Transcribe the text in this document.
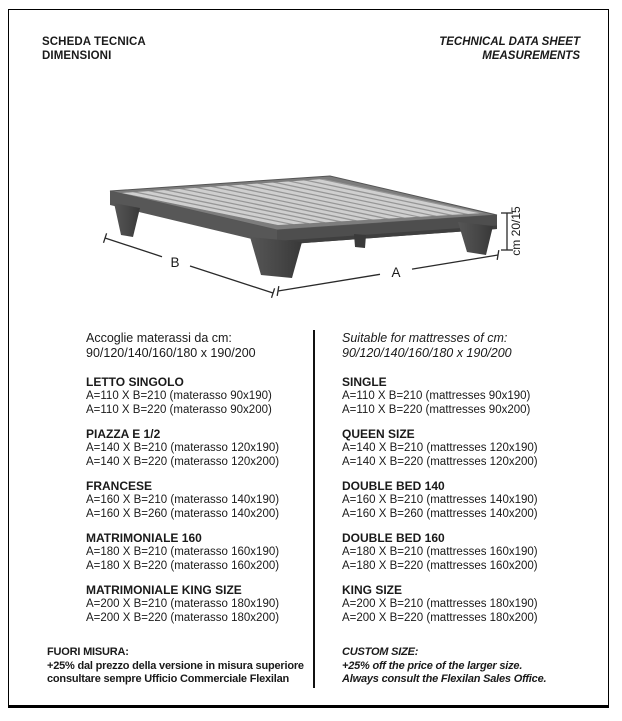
SCHEDA TECNICA
DIMENSIONI
TECHNICAL DATA SHEET
MEASUREMENTS
B
A
cm 20/15
Accoglie materassi da cm:
90/120/140/160/180 x 190/200
LETTO SINGOLO
A=110 X B=210 (materasso 90x190)
A=110 X B=220 (materasso 90x200)
PIAZZA E 1/2
A=140 X B=210 (materasso 120x190)
A=140 X B=220 (materasso 120x200)
FRANCESE
A=160 X B=210 (materasso 140x190)
A=160 X B=260 (materasso 140x200)
MATRIMONIALE 160
A=180 X B=210 (materasso 160x190)
A=180 X B=220 (materasso 160x200)
MATRIMONIALE KING SIZE
A=200 X B=210 (materasso 180x190)
A=200 X B=220 (materasso 180x200)
Suitable for mattresses of cm:
90/120/140/160/180 x 190/200
SINGLE
A=110 X B=210 (mattresses 90x190)
A=110 X B=220 (mattresses 90x200)
QUEEN SIZE
A=140 X B=210 (mattresses 120x190)
A=140 X B=220 (mattresses 120x200)
DOUBLE BED 140
A=160 X B=210 (mattresses 140x190)
A=160 X B=260 (mattresses 140x200)
DOUBLE BED 160
A=180 X B=210 (mattresses 160x190)
A=180 X B=220 (mattresses 160x200)
KING SIZE
A=200 X B=210 (mattresses 180x190)
A=200 X B=220 (mattresses 180x200)
FUORI MISURA:
+25% dal prezzo della versione in misura superiore
consultare sempre Ufficio Commerciale Flexilan
CUSTOM SIZE:
+25% off the price of the larger size.
Always consult the Flexilan Sales Office.
